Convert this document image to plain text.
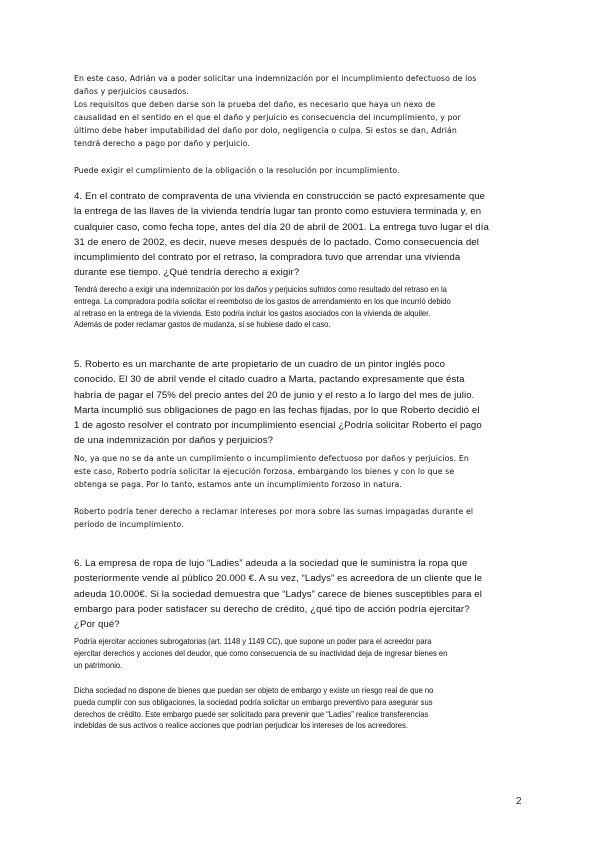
En este caso, Adrián va a poder solicitar una indemnización por el incumplimiento defectuoso de los
daños y perjuicios causados.
Los requisitos que deben darse son la prueba del daño, es necesario que haya un nexo de
causalidad en el sentido en el que el daño y perjuicio es consecuencia del incumplimiento, y por
último debe haber imputabilidad del daño por dolo, negligencia o culpa. Si estos se dan, Adrián
tendrá derecho a pago por daño y perjuicio.

Puede exigir el cumplimiento de la obligación o la resolución por incumplimiento.

4. En el contrato de compraventa de una vivienda en construcción se pactó expresamente que
la entrega de las llaves de la vivienda tendría lugar tan pronto como estuviera terminada y, en
cualquier caso, como fecha tope, antes del día 20 de abril de 2001. La entrega tuvo lugar el día
31 de enero de 2002, es decir, nueve meses después de lo pactado. Como consecuencia del
incumplimiento del contrato por el retraso, la compradora tuvo que arrendar una vivienda
durante ese tiempo. ¿Qué tendría derecho a exigir?

Tendrá derecho a exigir una indemnización por los daños y perjuicios sufridos como resultado del retraso en la
entrega. La compradora podría solicitar el reembolso de los gastos de arrendamiento en los que incurrió debido
al retraso en la entrega de la vivienda. Esto podría incluir los gastos asociados con la vivienda de alquiler.
Además de poder reclamar gastos de mudanza, si se hubiese dado el caso.

5. Roberto es un marchante de arte propietario de un cuadro de un pintor inglés poco
conocido. El 30 de abril vende el citado cuadro a Marta, pactando expresamente que ésta
habría de pagar el 75% del precio antes del 20 de junio y el resto a lo largo del mes de julio.
Marta incumplió sus obligaciones de pago en las fechas fijadas, por lo que Roberto decidió el
1 de agosto resolver el contrato por incumplimiento esencial ¿Podría solicitar Roberto el pago
de una indemnización por daños y perjuicios?

No, ya que no se da ante un cumplimiento o incumplimiento defectuoso por daños y perjuicios. En
este caso, Roberto podría solicitar la ejecución forzosa, embargando los bienes y con lo que se
obtenga se paga. Por lo tanto, estamos ante un incumplimiento forzoso in natura.

Roberto podría tener derecho a reclamar intereses por mora sobre las sumas impagadas durante el
período de incumplimiento.

6. La empresa de ropa de lujo “Ladies” adeuda a la sociedad que le suministra la ropa que
posteriormente vende al público 20.000 €. A su vez, “Ladys” es acreedora de un cliente que le
adeuda 10.000€. Si la sociedad demuestra que “Ladys” carece de bienes susceptibles para el
embargo para poder satisfacer su derecho de crédito, ¿qué tipo de acción podría ejercitar?
¿Por qué?

Podría ejercitar acciones subrogatorias (art. 1148 y 1149 CC), que supone un poder para el acreedor para
ejercitar derechos y acciones del deudor, que como consecuencia de su inactividad deja de ingresar bienes en
un patrimonio.

Dicha sociedad no dispone de bienes que puedan ser objeto de embargo y existe un riesgo real de que no
pueda cumplir con sus obligaciones, la sociedad podría solicitar un embargo preventivo para asegurar sus
derechos de crédito. Este embargo puede ser solicitado para prevenir que “Ladies” realice transferencias
indebidas de sus activos o realice acciones que podrían perjudicar los intereses de los acreedores.

2
